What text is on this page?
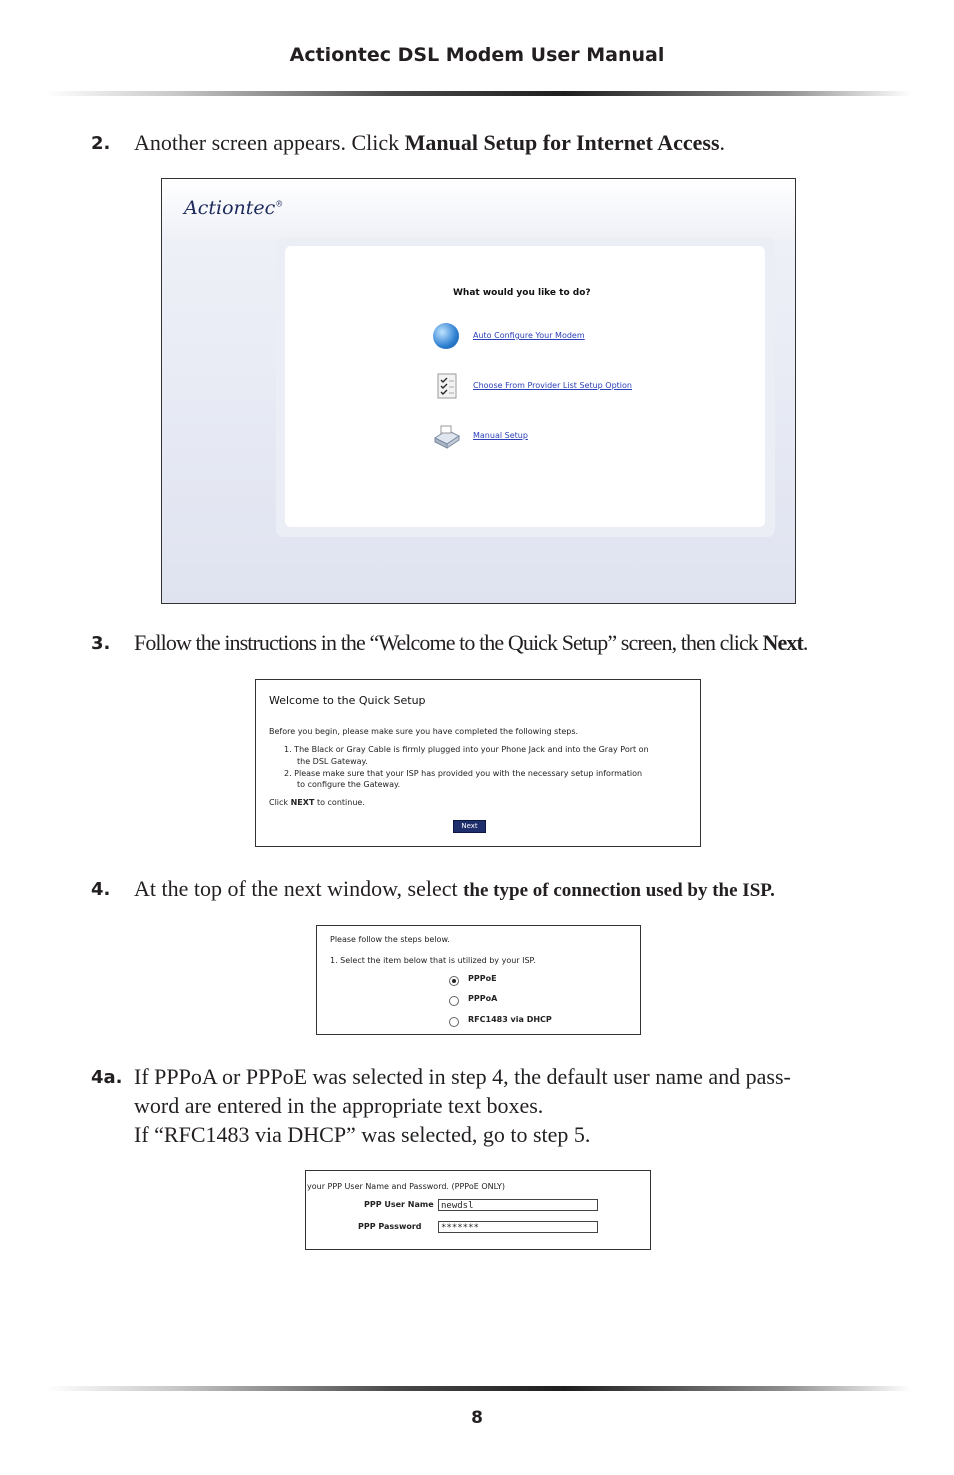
Actiontec DSL Modem User Manual
2. Another screen appears. Click Manual Setup for Internet Access.
Actiontec®
What would you like to do?
Auto Configure Your Modem
Choose From Provider List Setup Option
Manual Setup
3. Follow the instructions in the “Welcome to the Quick Setup” screen, then click Next.
Welcome to the Quick Setup
Before you begin, please make sure you have completed the following steps.
1. The Black or Gray Cable is firmly plugged into your Phone Jack and into the Gray Port on
the DSL Gateway.
2. Please make sure that your ISP has provided you with the necessary setup information
to configure the Gateway.
Click NEXT to continue.
Next
4. At the top of the next window, select the type of connection used by the ISP.
Please follow the steps below.
1. Select the item below that is utilized by your ISP.
PPPoE
PPPoA
RFC1483 via DHCP
4a. If PPPoA or PPPoE was selected in step 4, the default user name and pass-
word are entered in the appropriate text boxes.
If “RFC1483 via DHCP” was selected, go to step 5.
your PPP User Name and Password. (PPPoE ONLY)
PPP User Name newdsl
PPP Password	*******
8
